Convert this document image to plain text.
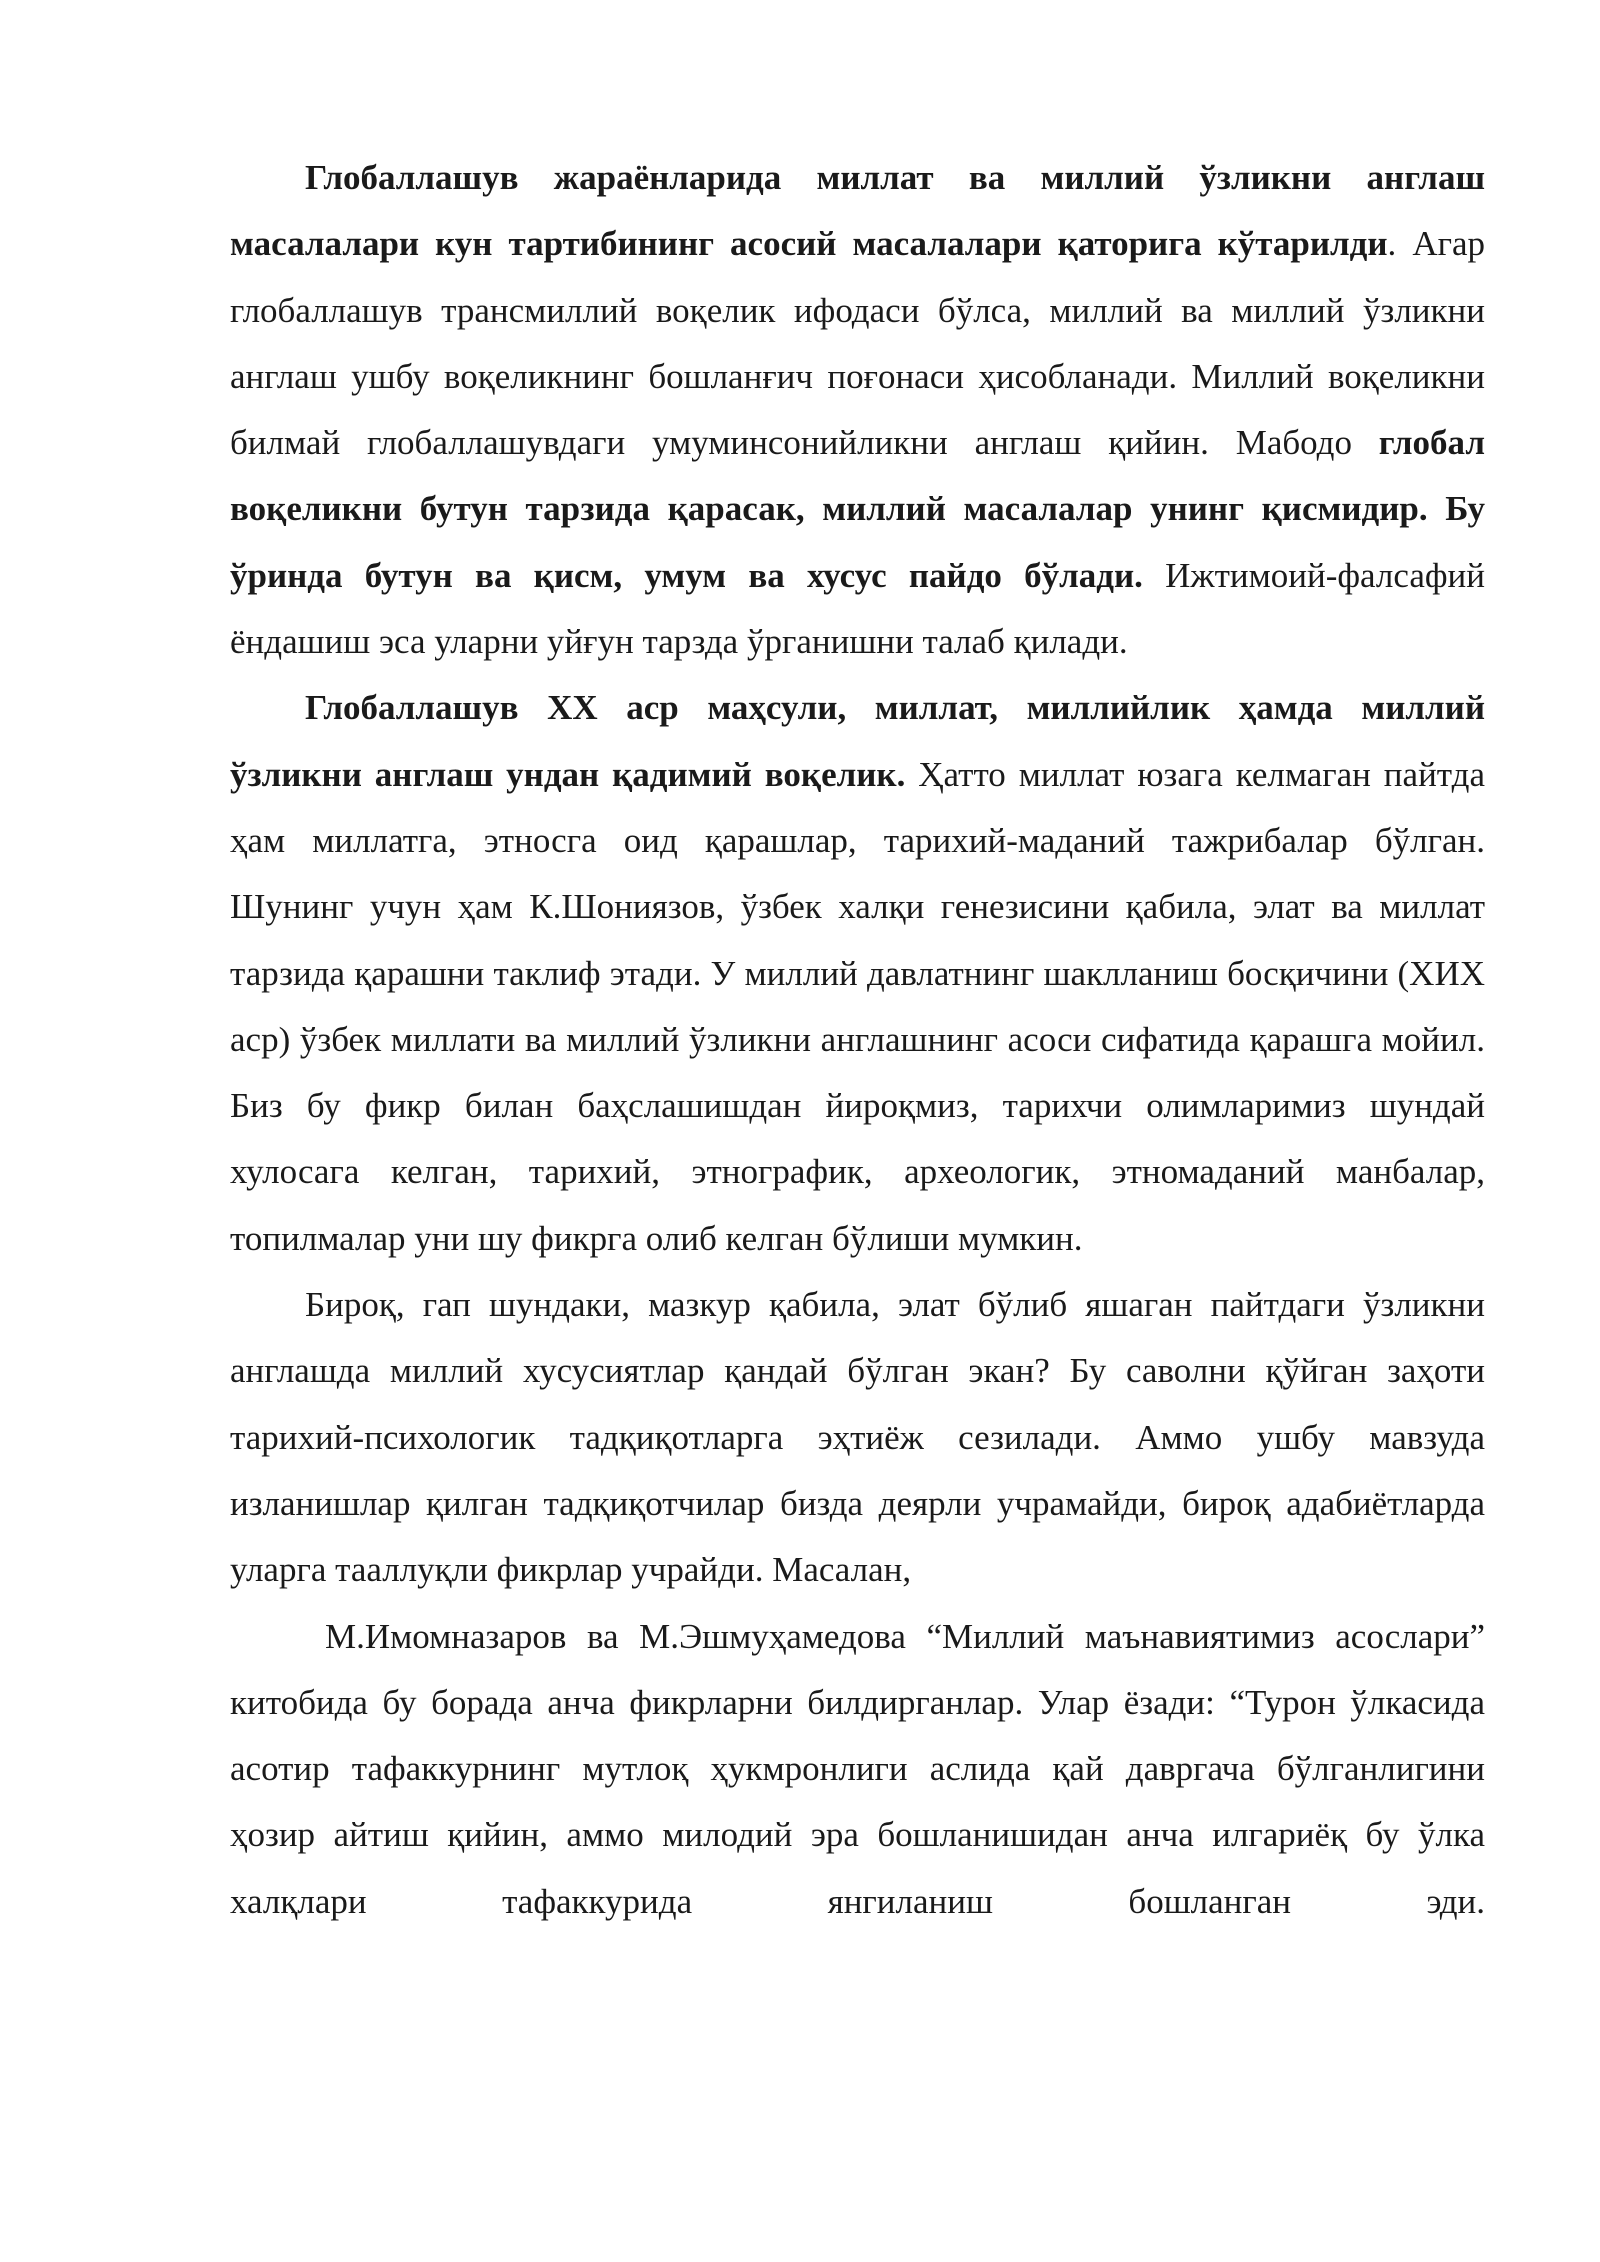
Глобаллашув жараёнларида миллат ва миллий ўзликни англаш масалалари кун тартибининг асосий масалалари қаторига кўтарилди. Агар глобаллашув трансмиллий воқелик ифодаси бўлса, миллий ва миллий ўзликни англаш ушбу воқеликнинг бошланғич поғонаси ҳисобланади. Миллий воқеликни билмай глобаллашувдаги умуминсонийликни англаш қийин. Мабодо глобал воқеликни бутун тарзида қарасак, миллий масалалар унинг қисмидир. Бу ўринда бутун ва қисм, умум ва хусус пайдо бўлади. Ижтимоий-фалсафий ёндашиш эса уларни уйғун тарзда ўрганишни талаб қилади.

Глобаллашув ХХ аср маҳсули, миллат, миллийлик ҳамда миллий ўзликни англаш ундан қадимий воқелик. Ҳатто миллат юзага келмаган пайтда ҳам миллатга, этносга оид қарашлар, тарихий-маданий тажрибалар бўлган. Шунинг учун ҳам К.Шониязов, ўзбек халқи генезисини қабила, элат ва миллат тарзида қарашни таклиф этади. У миллий давлатнинг шаклланиш босқичини (ХИХ аср) ўзбек миллати ва миллий ўзликни англашнинг асоси сифатида қарашга мойил. Биз бу фикр билан баҳслашишдан йироқмиз, тарихчи олимларимиз шундай хулосага келган, тарихий, этнографик, археологик, этномаданий манбалар, топилмалар уни шу фикрга олиб келган бўлиши мумкин.

Бироқ, гап шундаки, мазкур қабила, элат бўлиб яшаган пайтдаги ўзликни англашда миллий хусусиятлар қандай бўлган экан? Бу саволни қўйган заҳоти тарихий-психологик тадқиқотларга эҳтиёж сезилади. Аммо ушбу мавзуда изланишлар қилган тадқиқотчилар бизда деярли учрамайди, бироқ адабиётларда уларга тааллуқли фикрлар учрайди. Масалан,

М.Имомназаров ва М.Эшмуҳамедова “Миллий маънавиятимиз асослари” китобида бу борада анча фикрларни билдирганлар. Улар ёзади: “Турон ўлкасида асотир тафаккурнинг мутлоқ ҳукмронлиги аслида қай давргача бўлганлигини ҳозир айтиш қийин, аммо милодий эра бошланишидан анча илгариёқ бу ўлка халқлари тафаккурида янгиланиш бошланган эди.
